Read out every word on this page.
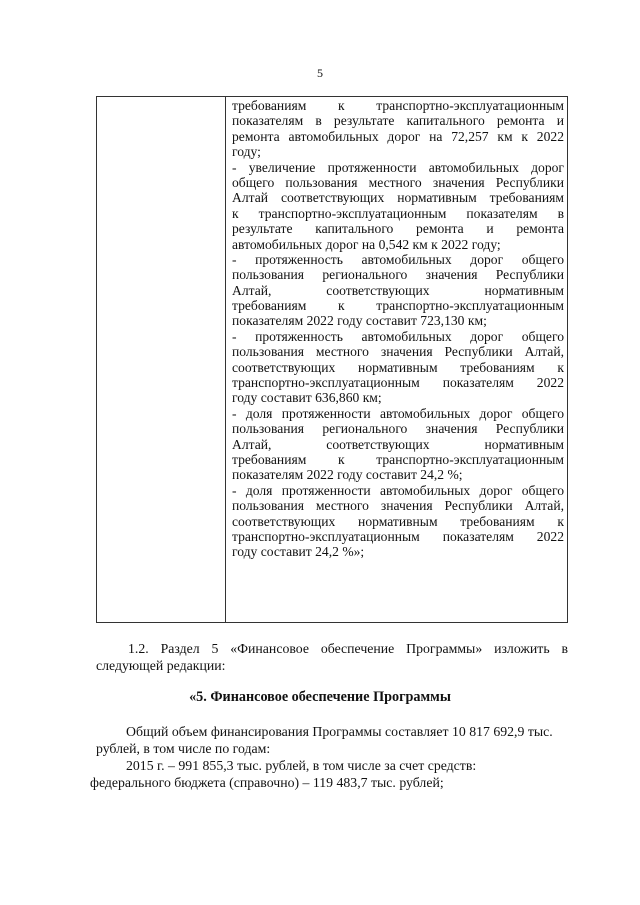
5
требованиям к транспортно-эксплуатационным
показателям в результате капитального ремонта и
ремонта автомобильных дорог на 72,257 км к 2022
году;
- увеличение протяженности автомобильных дорог
общего пользования местного значения Республики
Алтай соответствующих нормативным требованиям
к транспортно-эксплуатационным показателям в
результате капитального ремонта и ремонта
автомобильных дорог на 0,542 км к 2022 году;
- протяженность автомобильных дорог общего
пользования регионального значения Республики
Алтай, соответствующих нормативным
требованиям к транспортно-эксплуатационным
показателям 2022 году составит 723,130 км;
- протяженность автомобильных дорог общего
пользования местного значения Республики Алтай,
соответствующих нормативным требованиям к
транспортно-эксплуатационным показателям 2022
году составит 636,860 км;
- доля протяженности автомобильных дорог общего
пользования регионального значения Республики
Алтай, соответствующих нормативным
требованиям к транспортно-эксплуатационным
показателям 2022 году составит 24,2 %;
- доля протяженности автомобильных дорог общего
пользования местного значения Республики Алтай,
соответствующих нормативным требованиям к
транспортно-эксплуатационным показателям 2022
году составит 24,2 %»;
1.2. Раздел 5 «Финансовое обеспечение Программы» изложить в
следующей редакции:
«5. Финансовое обеспечение Программы
Общий объем финансирования Программы составляет 10 817 692,9 тыс.
рублей, в том числе по годам:
2015 г. – 991 855,3 тыс. рублей, в том числе за счет средств:
федерального бюджета (справочно) – 119 483,7 тыс. рублей;
